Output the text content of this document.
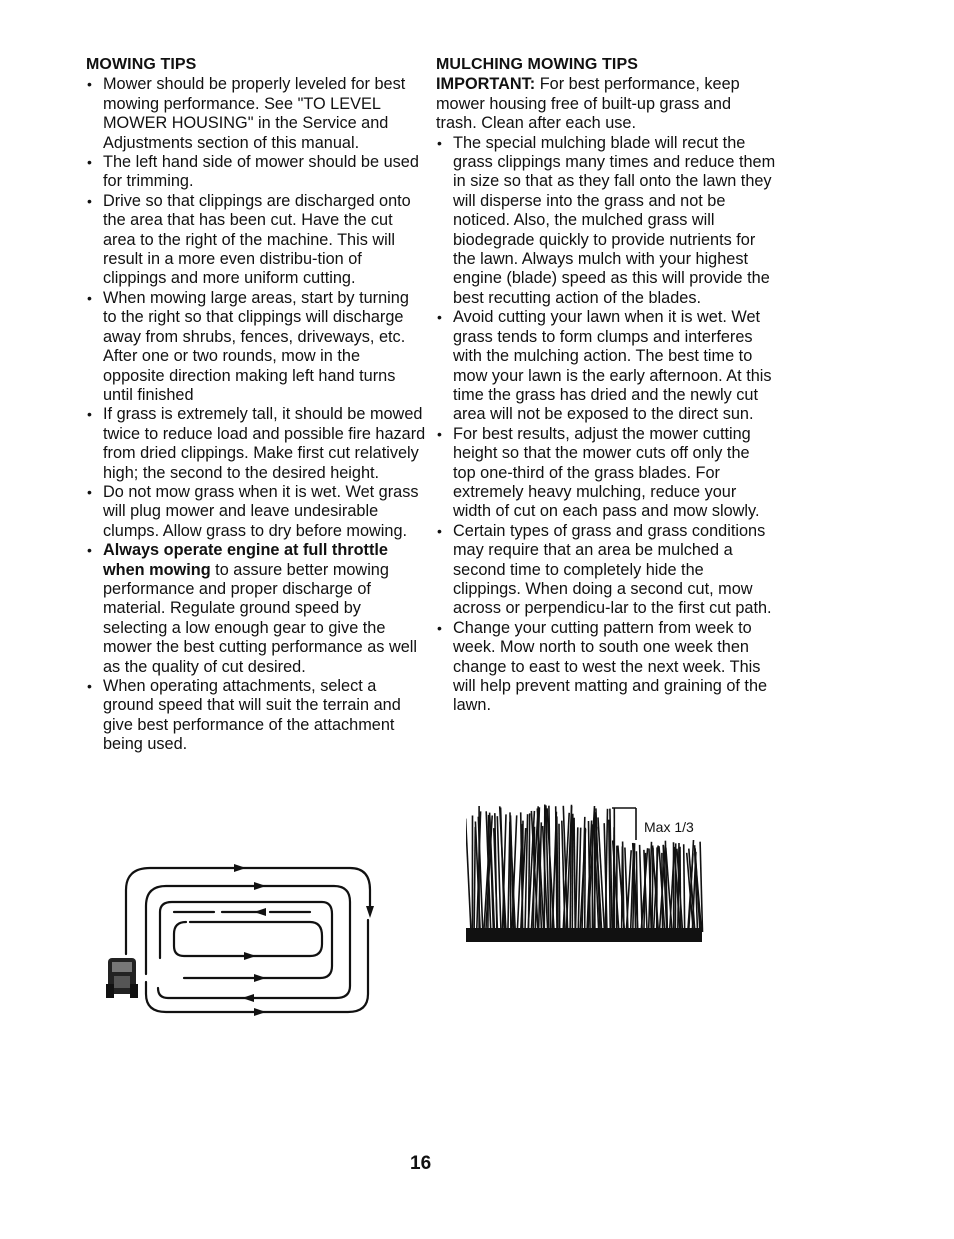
MOWING TIPS
• Mower should be properly leveled for best mowing performance. See "TO LEVEL MOWER HOUSING" in the Service and Adjustments section of this manual.
• The left hand side of mower should be used for trimming.
• Drive so that clippings are discharged onto the area that has been cut. Have the cut area to the right of the machine. This will result in a more even distribu-tion of clippings and more uniform cutting.
• When mowing large areas, start by turning to the right so that clippings will discharge away from shrubs, fences, driveways, etc. After one or two rounds, mow in the opposite direction making left hand turns until finished
• If grass is extremely tall, it should be mowed twice to reduce load and possible fire hazard from dried clippings. Make first cut relatively high; the second to the desired height.
• Do not mow grass when it is wet. Wet grass will plug mower and leave undesirable clumps. Allow grass to dry before mowing.
• Always operate engine at full throttle when mowing to assure better mowing performance and proper discharge of material. Regulate ground speed by selecting a low enough gear to give the mower the best cutting performance as well as the quality of cut desired.
• When operating attachments, select a ground speed that will suit the terrain and give best performance of the attachment being used.
MULCHING MOWING TIPS

IMPORTANT: For best performance, keep mower housing free of built-up grass and trash. Clean after each use.

• The special mulching blade will recut the grass clippings many times and reduce them in size so that as they fall onto the lawn they will disperse into the grass and not be noticed. Also, the mulched grass will biodegrade quickly to provide nutrients for the lawn. Always mulch with your highest engine (blade) speed as this will provide the best recutting action of the blades.
• Avoid cutting your lawn when it is wet. Wet grass tends to form clumps and interferes with the mulching action. The best time to mow your lawn is the early afternoon. At this time the grass has dried and the newly cut area will not be exposed to the direct sun.
• For best results, adjust the mower cutting height so that the mower cuts off only the top one-third of the grass blades. For extremely heavy mulching, reduce your width of cut on each pass and mow slowly.
• Certain types of grass and grass conditions may require that an area be mulched a second time to completely hide the clippings. When doing a second cut, mow across or perpendicu-lar to the first cut path.
• Change your cutting pattern from week to week. Mow north to south one week then change to east to west the next week. This will help prevent matting and graining of the lawn.
Max 1/3
16
